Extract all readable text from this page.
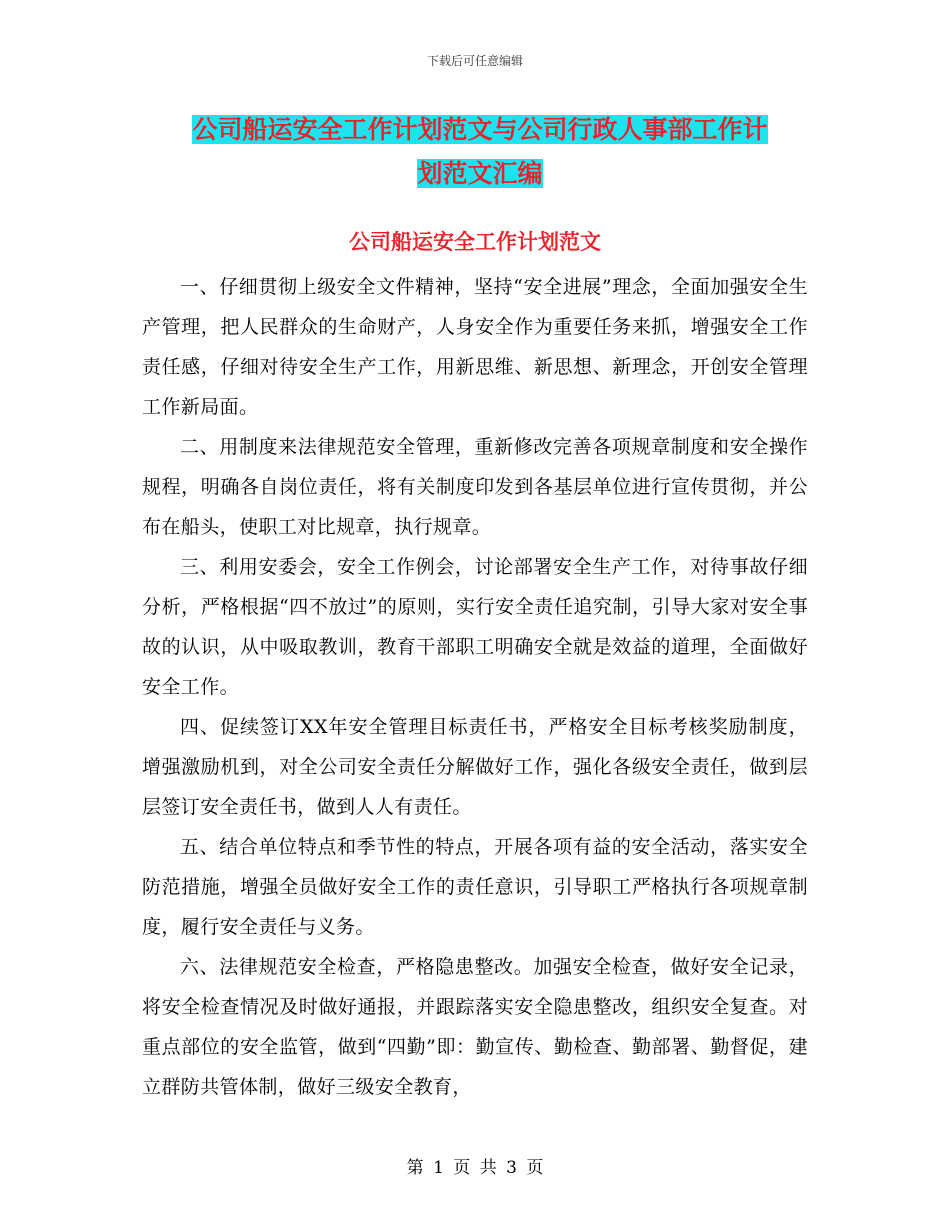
下载后可任意编辑
公司船运安全工作计划范文与公司行政人事部工作计
划范文汇编
公司船运安全工作计划范文

一、仔细贯彻上级安全文件精神，坚持“安全进展”理念，全面加强安全生产管理，把人民群众的生命财产，人身安全作为重要任务来抓，增强安全工作责任感，仔细对待安全生产工作，用新思维、新思想、新理念，开创安全管理工作新局面。

二、用制度来法律规范安全管理，重新修改完善各项规章制度和安全操作规程，明确各自岗位责任，将有关制度印发到各基层单位进行宣传贯彻，并公布在船头，使职工对比规章，执行规章。

三、利用安委会，安全工作例会，讨论部署安全生产工作，对待事故仔细分析，严格根据“四不放过”的原则，实行安全责任追究制，引导大家对安全事故的认识，从中吸取教训，教育干部职工明确安全就是效益的道理，全面做好安全工作。

四、促续签订XX年安全管理目标责任书，严格安全目标考核奖励制度，增强激励机到，对全公司安全责任分解做好工作，强化各级安全责任，做到层层签订安全责任书，做到人人有责任。

五、结合单位特点和季节性的特点，开展各项有益的安全活动，落实安全防范措施，增强全员做好安全工作的责任意识，引导职工严格执行各项规章制度，履行安全责任与义务。

六、法律规范安全检查，严格隐患整改。加强安全检查，做好安全记录，将安全检查情况及时做好通报，并跟踪落实安全隐患整改，组织安全复查。对重点部位的安全监管，做到“四勤”即：勤宣传、勤检查、勤部署、勤督促，建立群防共管体制，做好三级安全教育，

第 1 页 共 3 页
